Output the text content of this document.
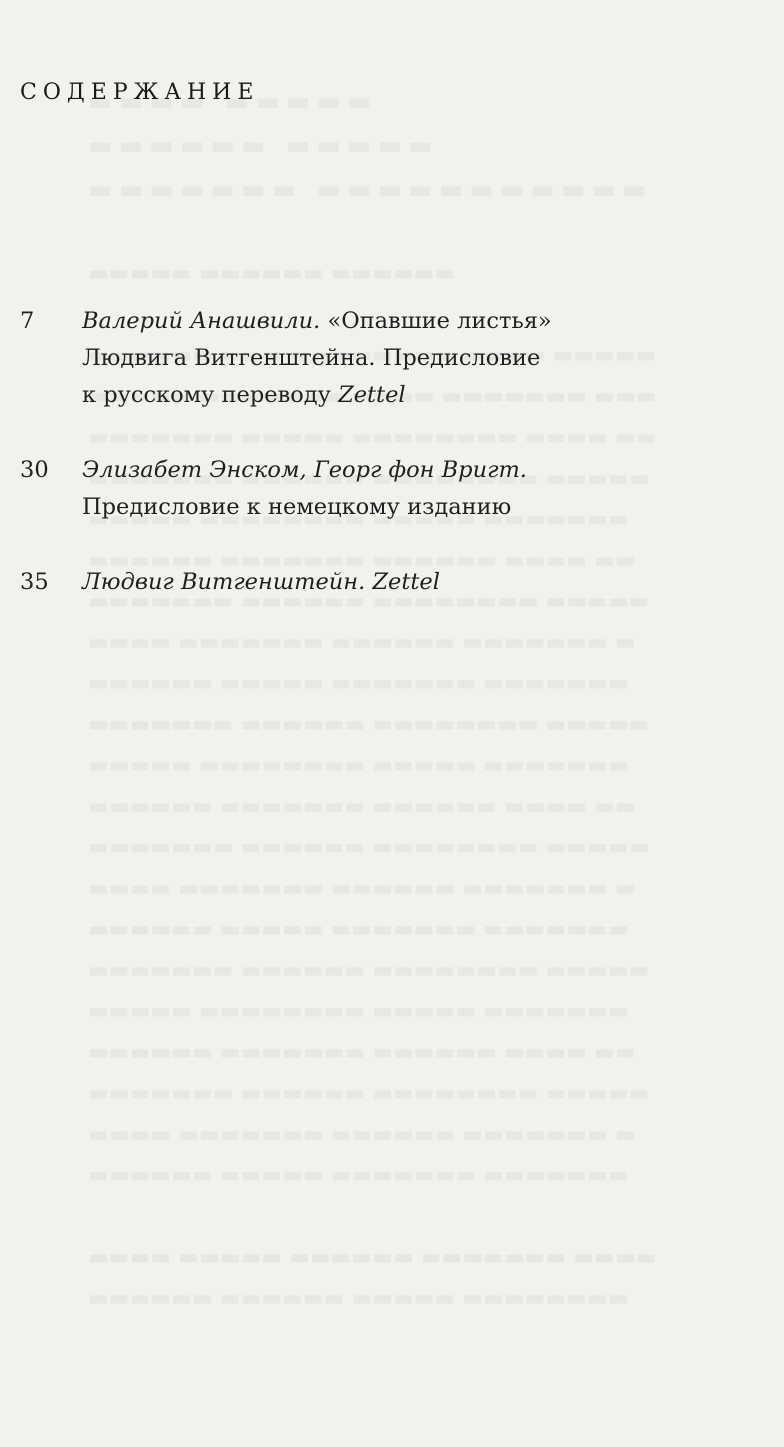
СОДЕРЖАНИЕ
7	Валерий Анашвили. «Опавшие листья»
Людвига Витгенштейна. Предисловие
к русскому переводу Zettel
30	Элизабет Энском, Георг фон Вригт.
Предисловие к немецкому изданию
35	Людвиг Витгенштейн. Zettel
